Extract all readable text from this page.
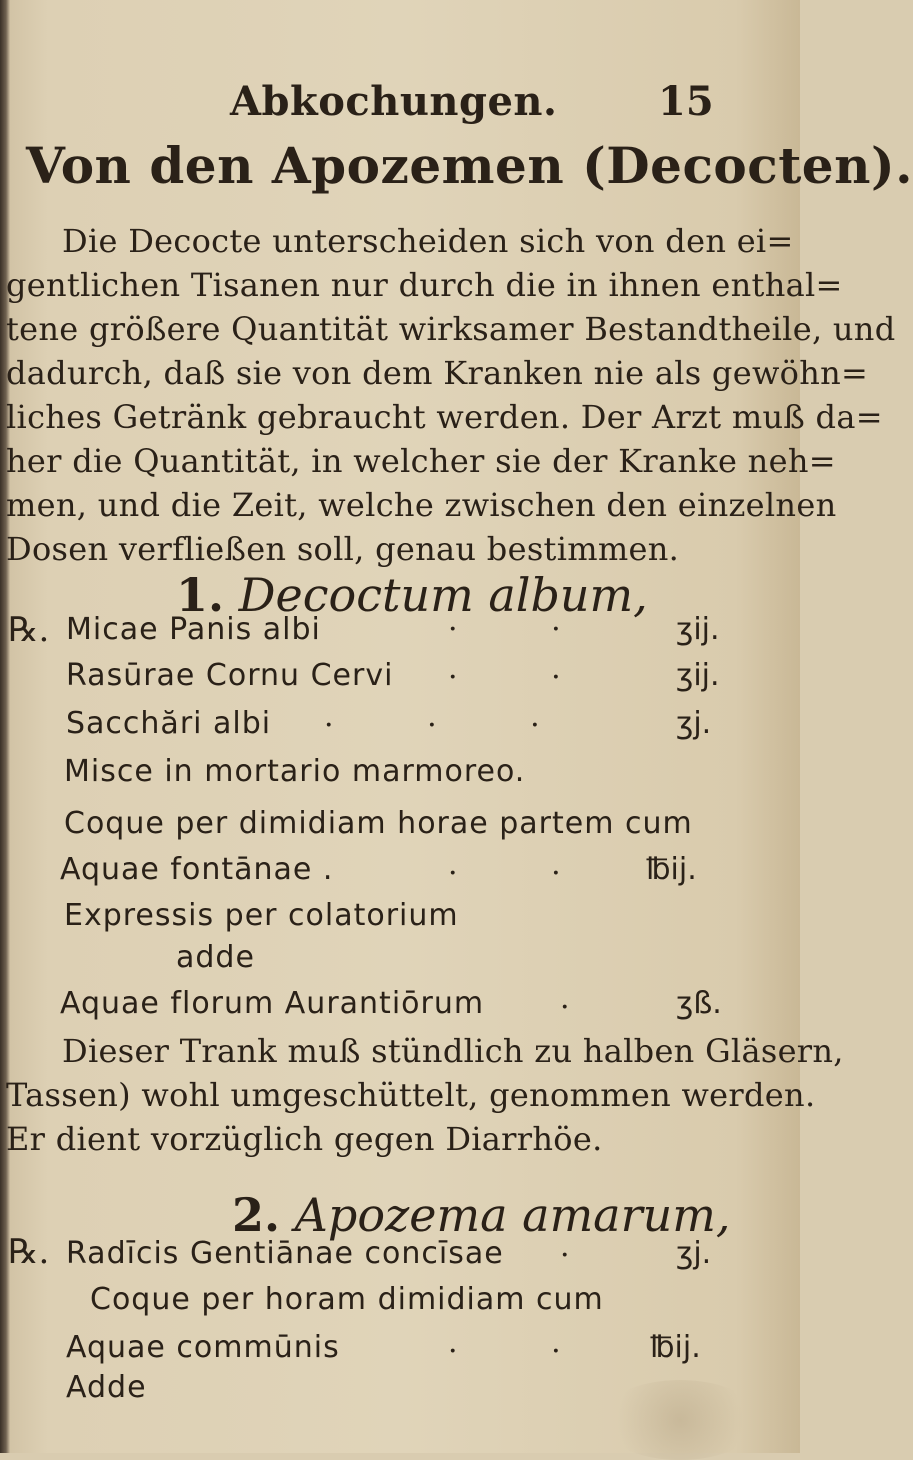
Abkochungen.	15
Von den Apozemen (Decocten).
Die Decocte unterscheiden sich von den ei=
gentlichen Tisanen nur durch die in ihnen enthal=
tene größere Quantität wirksamer Bestandtheile, und
dadurch, daß sie von dem Kranken nie als gewöhn=
liches Getränk gebraucht werden. Der Arzt muß da=
her die Quantität, in welcher sie der Kranke neh=
men, und die Zeit, welche zwischen den einzelnen
Dosen verfließen soll, genau bestimmen.
1. Decoctum album,
℞. Micae Panis albi	· · ʒij.
Rasūrae Cornu Cervi · · ʒij.
Sacchări albi · · ·	ʒj.
Misce in mortario marmoreo.
Coque per dimidiam horae partem cum
Aquae fontānae .	· · ℔ij.
Expressis per colatorium
adde
Aquae florum Aurantiōrum	· ʒß.
Dieser Trank muß stündlich zu halben Gläsern,
Tassen) wohl umgeschüttelt, genommen werden.
Er dient vorzüglich gegen Diarrhöe.
2. Apozema amarum,
℞. Radīcis Gentiānae concīsae · ʒj.
Coque per horam dimidiam cum
Aquae commūnis	· · ℔ij.
Adde
